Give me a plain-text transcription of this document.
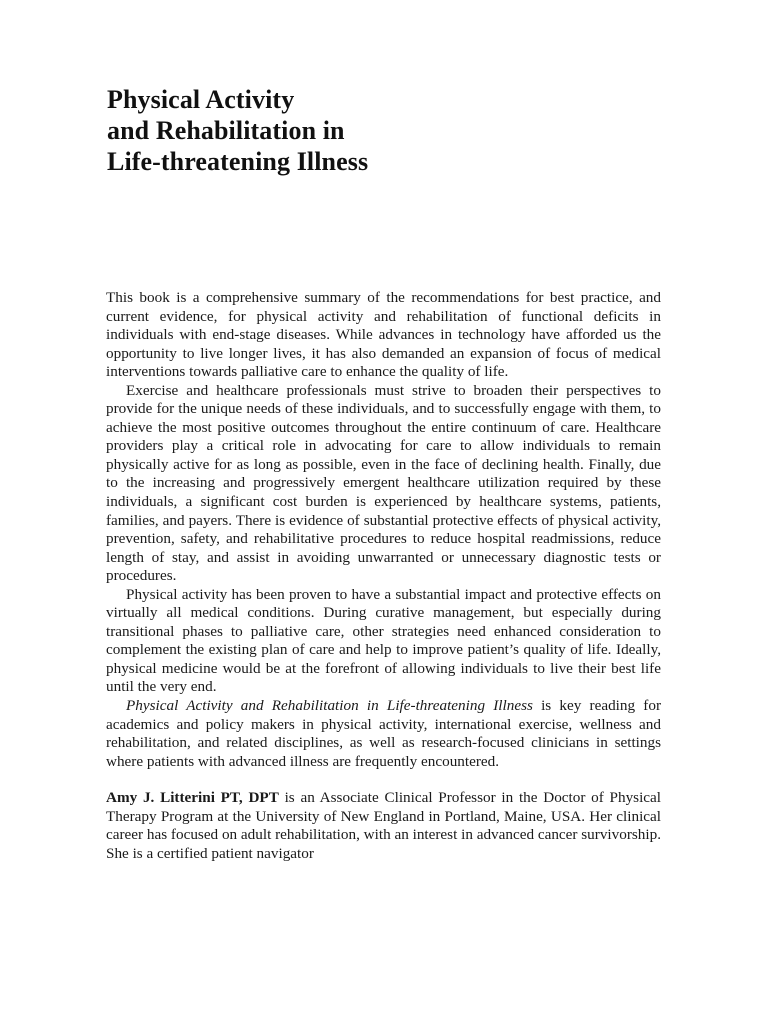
Physical Activity
and Rehabilitation in
Life-threatening Illness

This book is a comprehensive summary of the recommendations for best practice, and current evidence, for physical activity and rehabilitation of functional deficits in individuals with end-stage diseases. While advances in technology have afforded us the opportunity to live longer lives, it has also demanded an expansion of focus of medical interventions towards palliative care to enhance the quality of life.

Exercise and healthcare professionals must strive to broaden their perspectives to provide for the unique needs of these individuals, and to successfully engage with them, to achieve the most positive outcomes throughout the entire continuum of care. Healthcare providers play a critical role in advocating for care to allow individuals to remain physically active for as long as possible, even in the face of declining health. Finally, due to the increasing and progressively emergent healthcare utilization required by these individuals, a significant cost burden is experienced by healthcare systems, patients, families, and payers. There is evidence of substantial protective effects of physical activity, prevention, safety, and rehabilitative procedures to reduce hospital readmissions, reduce length of stay, and assist in avoiding unwarranted or unnecessary diagnostic tests or procedures.

Physical activity has been proven to have a substantial impact and protective effects on virtually all medical conditions. During curative management, but especially during transitional phases to palliative care, other strategies need enhanced consideration to complement the existing plan of care and help to improve patient’s quality of life. Ideally, physical medicine would be at the forefront of allowing individuals to live their best life until the very end.

Physical Activity and Rehabilitation in Life-threatening Illness is key reading for academics and policy makers in physical activity, international exercise, wellness and rehabilitation, and related disciplines, as well as research-focused clinicians in settings where patients with advanced illness are frequently encountered.

Amy J. Litterini PT, DPT is an Associate Clinical Professor in the Doctor of Physical Therapy Program at the University of New England in Portland, Maine, USA. Her clinical career has focused on adult rehabilitation, with an interest in advanced cancer survivorship. She is a certified patient navigator
